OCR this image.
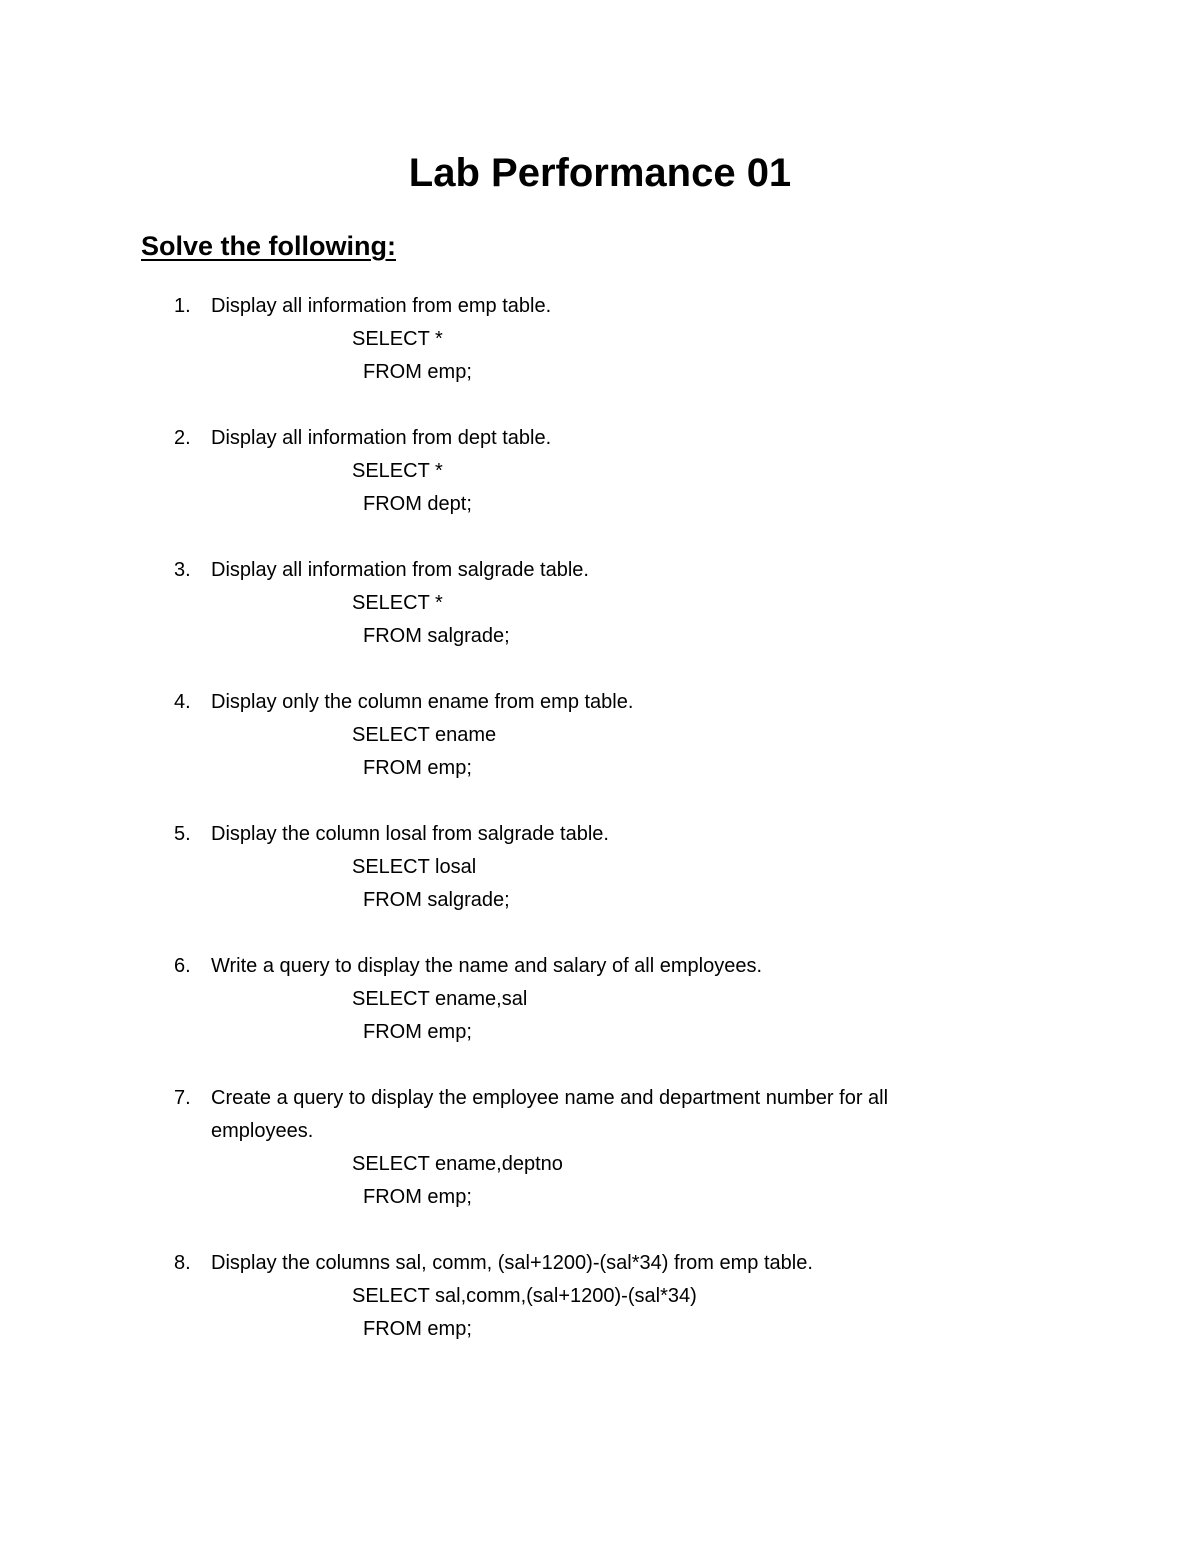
Lab Performance 01
Solve the following:
1. Display all information from emp table.
SELECT *
FROM emp;
2. Display all information from dept table.
SELECT *
FROM dept;
3. Display all information from salgrade table.
SELECT *
FROM salgrade;
4. Display only the column ename from emp table.
SELECT ename
FROM emp;
5. Display the column losal from salgrade table.
SELECT losal
FROM salgrade;
6. Write a query to display the name and salary of all employees.
SELECT ename,sal
FROM emp;
7. Create a query to display the employee name and department number for all employees.
SELECT ename,deptno
FROM emp;
8. Display the columns sal, comm, (sal+1200)-(sal*34) from emp table.
SELECT sal,comm,(sal+1200)-(sal*34)
FROM emp;
